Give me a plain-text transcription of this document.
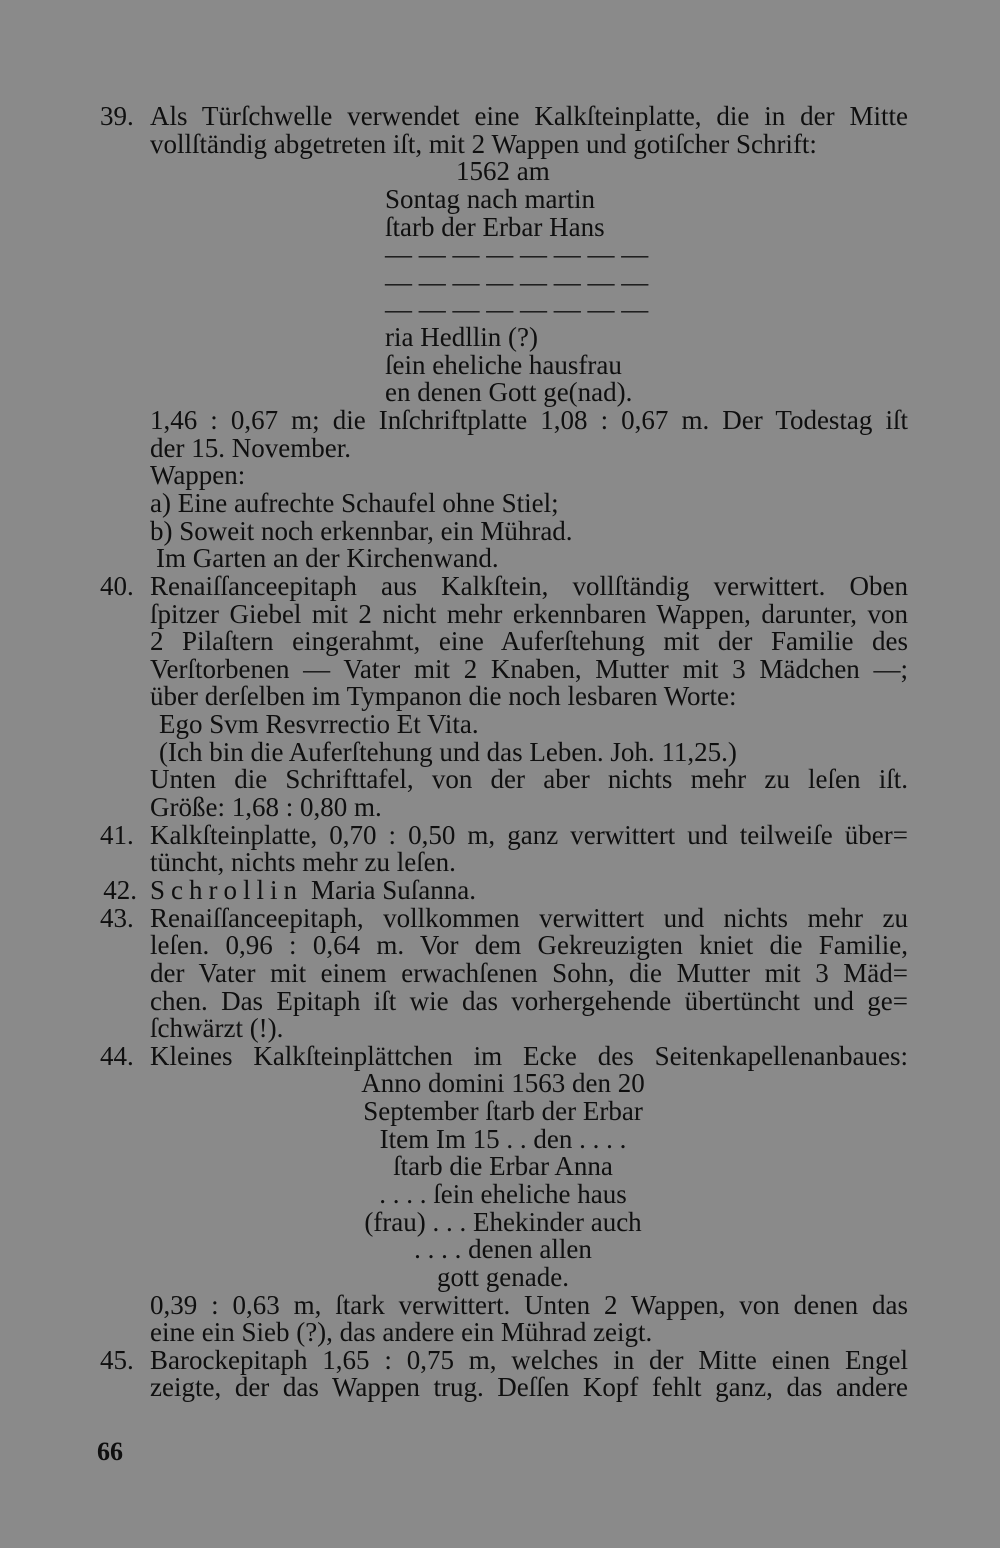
39. Als Türſchwelle verwendet eine Kalkſteinplatte, die in der Mitte
vollſtändig abgetreten iſt, mit 2 Wappen und gotiſcher Schrift:
1562 am
Sontag nach martin
ſtarb der Erbar Hans
— — — — — — — —
— — — — — — — —
— — — — — — — —
ria Hedllin (?)
ſein eheliche hausfrau
en denen Gott ge(nad).
1,46 : 0,67 m; die Inſchriftplatte 1,08 : 0,67 m. Der Todestag iſt
der 15. November.
Wappen:
a) Eine aufrechte Schaufel ohne Stiel;
b) Soweit noch erkennbar, ein Mührad.
Im Garten an der Kirchenwand.
40. Renaiſſanceepitaph aus Kalkſtein, vollſtändig verwittert. Oben
ſpitzer Giebel mit 2 nicht mehr erkennbaren Wappen, darunter, von
2 Pilaſtern eingerahmt, eine Auferſtehung mit der Familie des
Verſtorbenen — Vater mit 2 Knaben, Mutter mit 3 Mädchen —;
über derſelben im Tympanon die noch lesbaren Worte:
Ego Svm Resvrrectio Et Vita.
(Ich bin die Auferſtehung und das Leben. Joh. 11,25.)
Unten die Schrifttafel, von der aber nichts mehr zu leſen iſt.
Größe: 1,68 : 0,80 m.
41. Kalkſteinplatte, 0,70 : 0,50 m, ganz verwittert und teilweiſe über=
tüncht, nichts mehr zu leſen.
42. Schrollin Maria Suſanna.
43. Renaiſſanceepitaph, vollkommen verwittert und nichts mehr zu
leſen. 0,96 : 0,64 m. Vor dem Gekreuzigten kniet die Familie,
der Vater mit einem erwachſenen Sohn, die Mutter mit 3 Mäd=
chen. Das Epitaph iſt wie das vorhergehende übertüncht und ge=
ſchwärzt (!).
44. Kleines Kalkſteinplättchen im Ecke des Seitenkapellenanbaues:
Anno domini 1563 den 20
September ſtarb der Erbar
Item Im 15 . . den . . . .
ſtarb die Erbar Anna
. . . . ſein eheliche haus
(frau) . . . Ehekinder auch
. . . . denen allen
gott genade.
0,39 : 0,63 m, ſtark verwittert. Unten 2 Wappen, von denen das
eine ein Sieb (?), das andere ein Mührad zeigt.
45. Barockepitaph 1,65 : 0,75 m, welches in der Mitte einen Engel
zeigte, der das Wappen trug. Deſſen Kopf fehlt ganz, das andere
66
